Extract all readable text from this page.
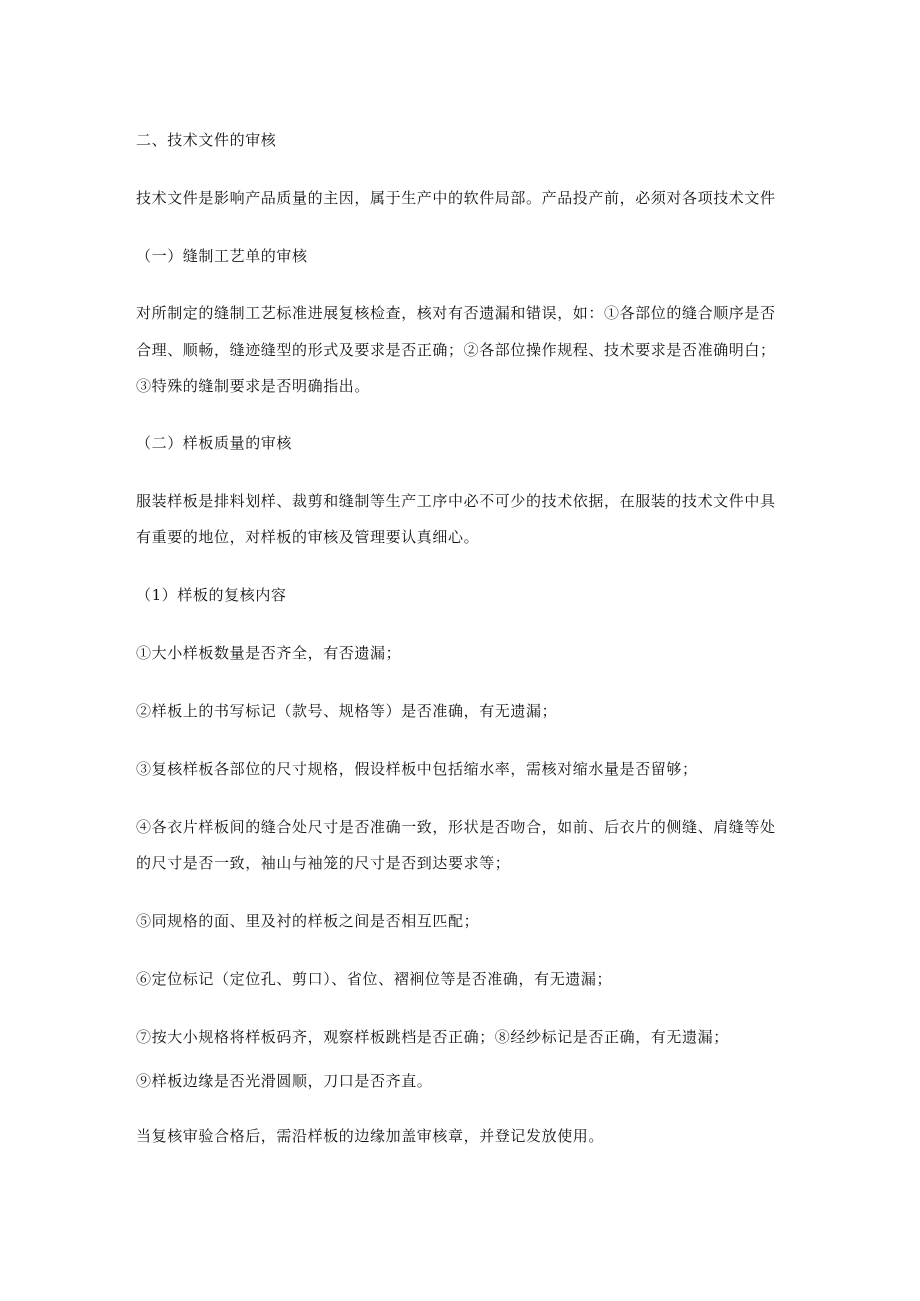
二、技术文件的审核
技术文件是影响产品质量的主因，属于生产中的软件局部。产品投产前，必须对各项技术文件
（一）缝制工艺单的审核
对所制定的缝制工艺标准进展复核检查，核对有否遗漏和错误，如：①各部位的缝合顺序是否
合理、顺畅，缝迹缝型的形式及要求是否正确；②各部位操作规程、技术要求是否准确明白；
③特殊的缝制要求是否明确指出。
（二）样板质量的审核
服装样板是排料划样、裁剪和缝制等生产工序中必不可少的技术依据，在服装的技术文件中具
有重要的地位，对样板的审核及管理要认真细心。
（1）样板的复核内容
①大小样板数量是否齐全，有否遗漏；
②样板上的书写标记（款号、规格等）是否准确，有无遗漏；
③复核样板各部位的尺寸规格，假设样板中包括缩水率，需核对缩水量是否留够；
④各衣片样板间的缝合处尺寸是否准确一致，形状是否吻合，如前、后衣片的侧缝、肩缝等处
的尺寸是否一致，袖山与袖笼的尺寸是否到达要求等；
⑤同规格的面、里及衬的样板之间是否相互匹配；
⑥定位标记（定位孔、剪口）、省位、褶裥位等是否准确，有无遗漏；
⑦按大小规格将样板码齐，观察样板跳档是否正确；⑧经纱标记是否正确，有无遗漏；
⑨样板边缘是否光滑圆顺，刀口是否齐直。
当复核审验合格后，需沿样板的边缘加盖审核章，并登记发放使用。
